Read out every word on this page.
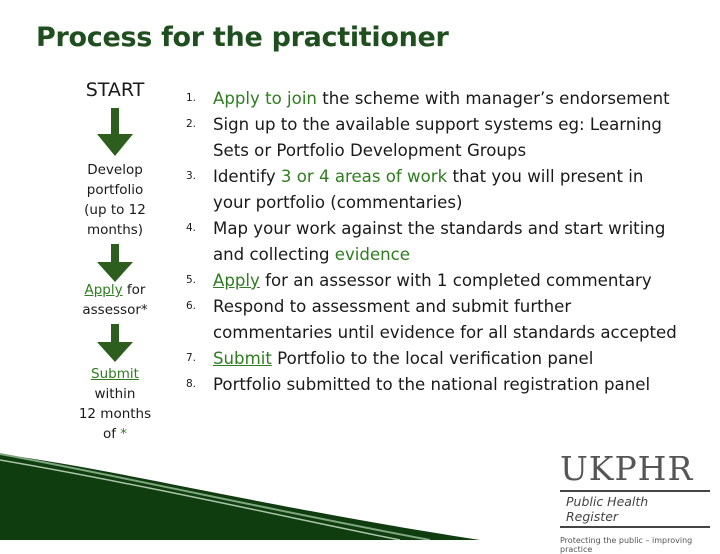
Process for the practitioner
START
Develop
portfolio
(up to 12
months)
Apply for
assessor*
Submit
within
12 months
of *
1. Apply to join the scheme with manager’s endorsement
2. Sign up to the available support systems eg: Learning
Sets or Portfolio Development Groups
3. Identify 3 or 4 areas of work that you will present in
your portfolio (commentaries)
4. Map your work against the standards and start writing
and collecting evidence
5. Apply for an assessor with 1 completed commentary
6. Respond to assessment and submit further
commentaries until evidence for all standards accepted
7. Submit Portfolio to the local verification panel
8. Portfolio submitted to the national registration panel
UKPHR
Public Health Register
Protecting the public – improving practice
